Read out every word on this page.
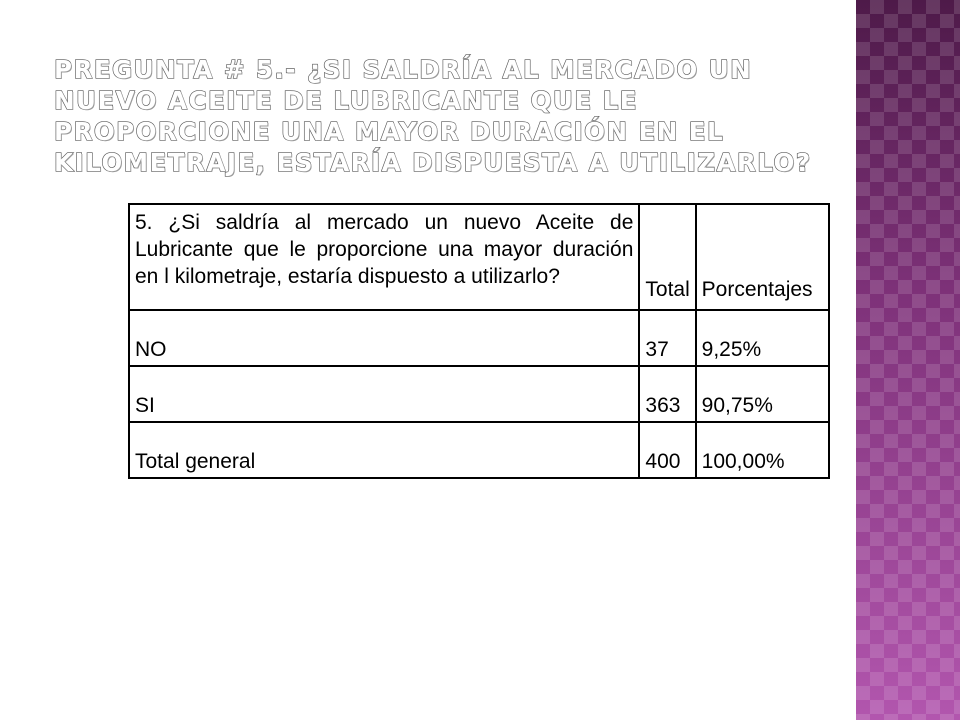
PREGUNTA # 5.- ¿SI SALDRÍA AL MERCADO UN NUEVO ACEITE DE LUBRICANTE QUE LE PROPORCIONE UNA MAYOR DURACIÓN EN EL KILOMETRAJE, ESTARÍA DISPUESTA A UTILIZARLO?
5. ¿Si saldría al mercado un nuevo Aceite de Lubricante que le proporcione una mayor duración en l kilometraje, estaría dispuesto a utilizarlo?	Total	Porcentajes
NO	37	9,25%
SI	363	90,75%
Total general	400	100,00%
